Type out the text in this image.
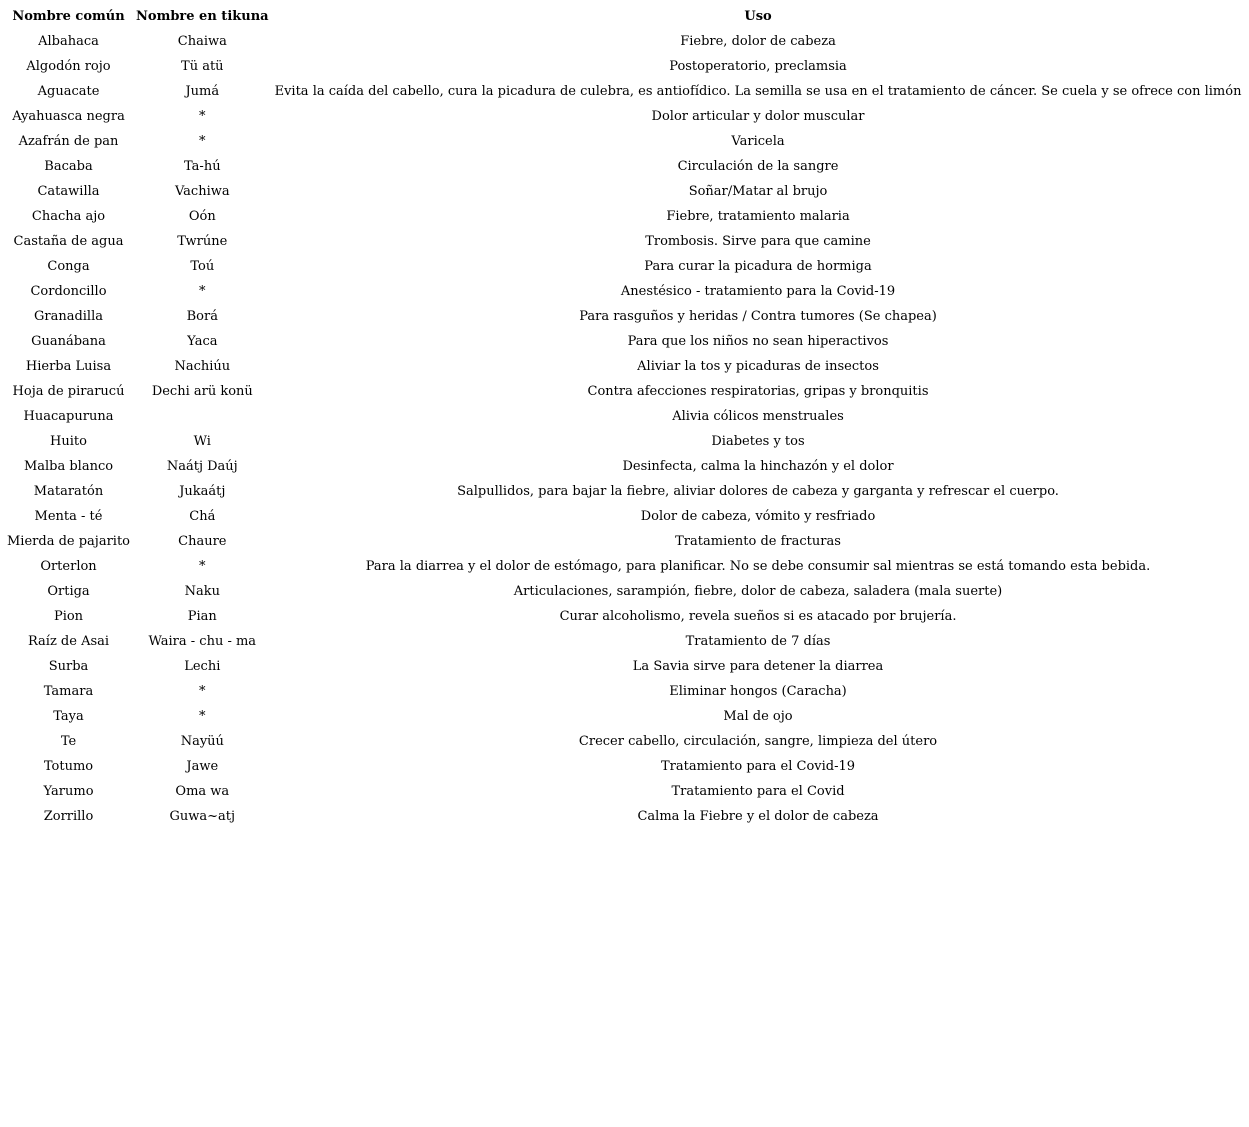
Nombre común	Nombre en tikuna	Uso
Albahaca	Chaiwa	Fiebre, dolor de cabeza
Algodón rojo	Tü atü	Postoperatorio, preclamsia
Aguacate	Jumá	Evita la caída del cabello, cura la picadura de culebra, es antiofídico. La semilla se usa en el tratamiento de cáncer. Se cuela y se ofrece con limón
Ayahuasca negra	*	Dolor articular y dolor muscular
Azafrán de pan	*	Varicela
Bacaba	Ta-hú	Circulación de la sangre
Catawilla	Vachiwa	Soñar/Matar al brujo
Chacha ajo	Oón	Fiebre, tratamiento malaria
Castaña de agua	Twrúne	Trombosis. Sirve para que camine
Conga	Toú	Para curar la picadura de hormiga
Cordoncillo	*	Anestésico - tratamiento para la Covid-19
Granadilla	Borá	Para rasguños y heridas / Contra tumores (Se chapea)
Guanábana	Yaca	Para que los niños no sean hiperactivos
Hierba Luisa	Nachiúu	Aliviar la tos y picaduras de insectos
Hoja de pirarucú	Dechi arü konü	Contra afecciones respiratorias, gripas y bronquitis
Huacapuruna		Alivia cólicos menstruales
Huito	Wi	Diabetes y tos
Malba blanco	Naátj Daúj	Desinfecta, calma la hinchazón y el dolor
Mataratón	Jukaátj	Salpullidos, para bajar la fiebre, aliviar dolores de cabeza y garganta y refrescar el cuerpo.
Menta - té	Chá	Dolor de cabeza, vómito y resfriado
Mierda de pajarito	Chaure	Tratamiento de fracturas
Orterlon	*	Para la diarrea y el dolor de estómago, para planificar. No se debe consumir sal mientras se está tomando esta bebida.
Ortiga	Naku	Articulaciones, sarampión, fiebre, dolor de cabeza, saladera (mala suerte)
Pion	Pian	Curar alcoholismo, revela sueños si es atacado por brujería.
Raíz de Asai	Waira - chu - ma	Tratamiento de 7 días
Surba	Lechi	La Savia sirve para detener la diarrea
Tamara	*	Eliminar hongos (Caracha)
Taya	*	Mal de ojo
Te	Nayüú	Crecer cabello, circulación, sangre, limpieza del útero
Totumo	Jawe	Tratamiento para el Covid-19
Yarumo	Oma wa	Tratamiento para el Covid
Zorrillo	Guwa~atj	Calma la Fiebre y el dolor de cabeza
